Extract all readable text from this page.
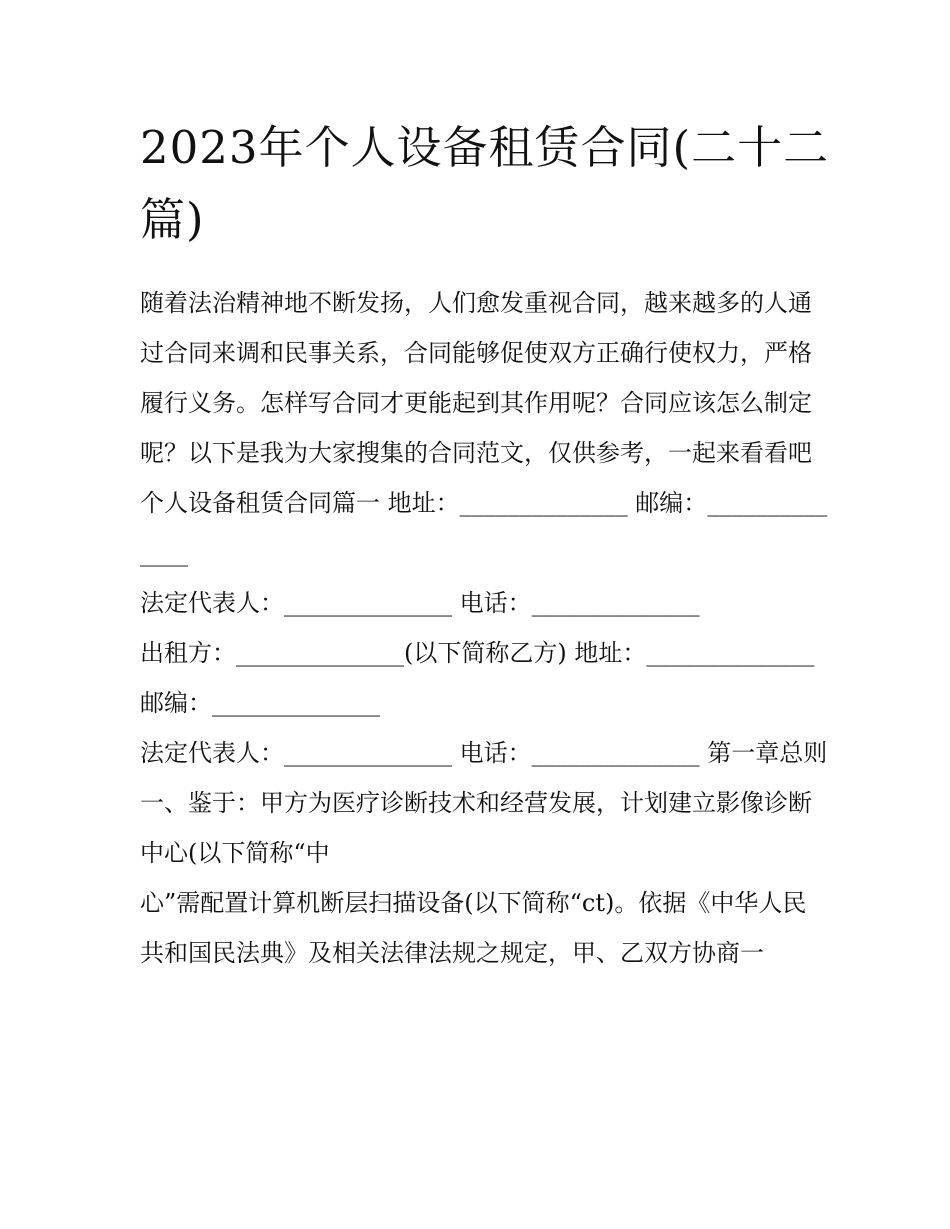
2023年个人设备租赁合同(二十二篇)

随着法治精神地不断发扬，人们愈发重视合同，越来越多的人通过合同来调和民事关系，合同能够促使双方正确行使权力，严格履行义务。怎样写合同才更能起到其作用呢？合同应该怎么制定呢？以下是我为大家搜集的合同范文，仅供参考，一起来看看吧

个人设备租赁合同篇一 地址：______________ 邮编：______________

法定代表人：______________ 电话：______________

出租方：______________(以下简称乙方) 地址：______________ 邮编：______________

法定代表人：______________ 电话：______________ 第一章总则

一、鉴于：甲方为医疗诊断技术和经营发展，计划建立影像诊断中心(以下简称“中

心”需配置计算机断层扫描设备(以下简称“ct)。依据《中华人民共和国民法典》及相关法律法规之规定，甲、乙双方协商一
